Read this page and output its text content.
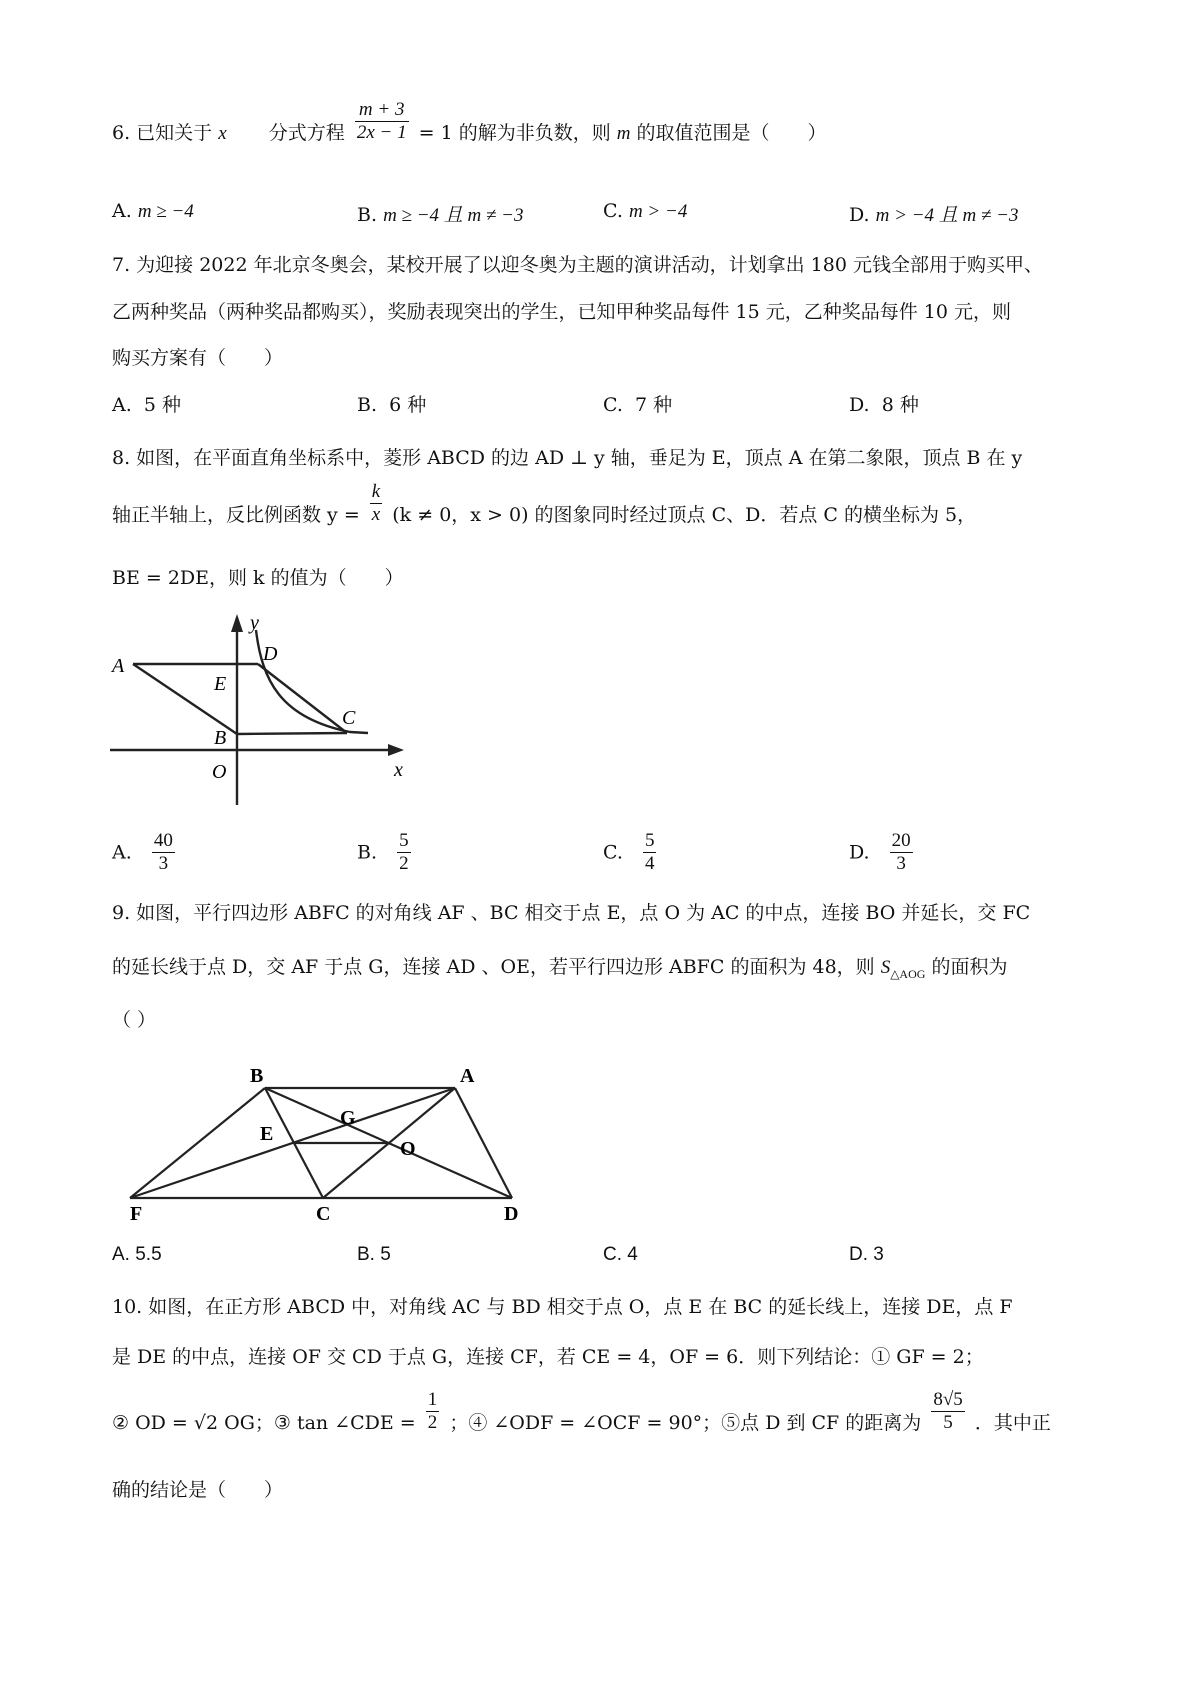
6. 已知关于 x 分式方程 $\frac{m + 3}{2x - 1} = 1$ 的解为非负数，则 m 的取值范围是（　　）
A. m ≥ −4	B. m ≥ −4 且 m ≠ −3	C. m > −4	D. m > −4 且 m ≠ −3
7. 为迎接 2022 年北京冬奥会，某校开展了以迎冬奥为主题的演讲活动，计划拿出 180 元钱全部用于购买甲、
乙两种奖品（两种奖品都购买），奖励表现突出的学生，已知甲种奖品每件 15 元，乙种奖品每件 10 元，则
购买方案有（　　）
A. 5 种	B. 6 种	C. 7 种	D. 8 种
8. 如图，在平面直角坐标系中，菱形 ABCD 的边 AD ⊥ y 轴，垂足为 E，顶点 A 在第二象限，顶点 B 在 y
轴正半轴上，反比例函数 $y = \frac{k}{x} (k \ne 0$，x > 0) 的图象同时经过顶点 C、D．若点 C 的横坐标为 5，
BE = 2DE，则 k 的值为（　　）
y
A
D
E
C
B
O	x
A. $\frac{40}{3}$	B. $\frac{5}{2}$	C. $\frac{5}{4}$	D. $\frac{20}{3}$
9. 如图，平行四边形 ABFC 的对角线 AF 、BC 相交于点 E，点 O 为 AC 的中点，连接 BO 并延长，交 FC
的延长线于点 D，交 AF 于点 G，连接 AD 、OE，若平行四边形 ABFC 的面积为 48，则 $S_{\triangle AOG}$ 的面积为
（ ）
B	A
G
E
O
F	C	D
A. 5.5	B. 5	C. 4	D. 3
10. 如图，在正方形 ABCD 中，对角线 AC 与 BD 相交于点 O，点 E 在 BC 的延长线上，连接 DE，点 F
是 DE 的中点，连接 OF 交 CD 于点 G，连接 CF，若 CE = 4，OF = 6．则下列结论：① GF = 2；
② OD = √2 OG；③ tan ∠CDE = $\frac{1}{2}$ ；④ ∠ODF = ∠OCF = 90°；⑤点 D 到 CF 的距离为 $\frac{8√5}{5}$ ．其中正
确的结论是（　　）
